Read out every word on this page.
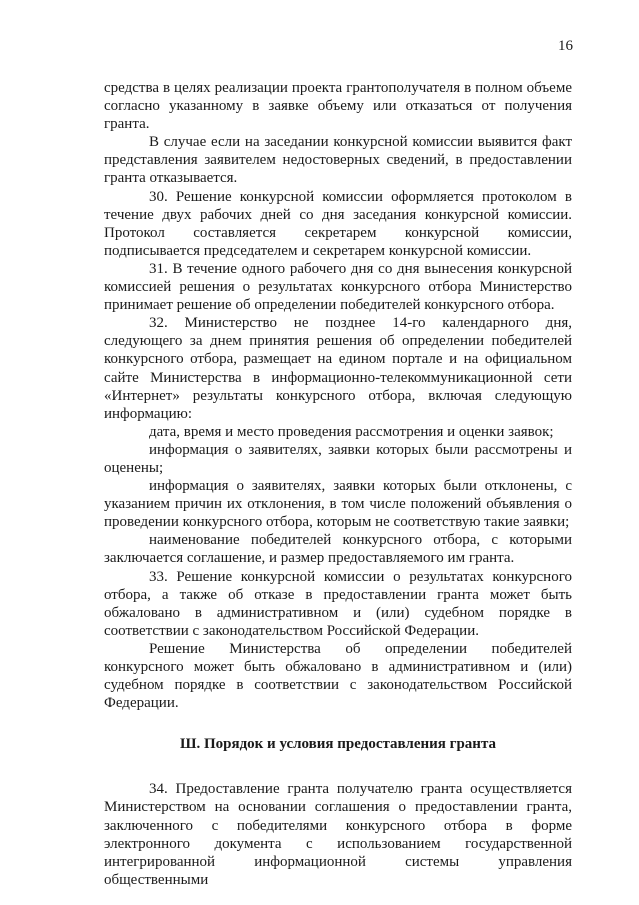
16

средства в целях реализации проекта грантополучателя в полном объеме согласно указанному в заявке объему или отказаться от получения гранта.

В случае если на заседании конкурсной комиссии выявится факт представления заявителем недостоверных сведений, в предоставлении гранта отказывается.

30. Решение конкурсной комиссии оформляется протоколом в течение двух рабочих дней со дня заседания конкурсной комиссии. Протокол составляется секретарем конкурсной комиссии, подписывается председателем и секретарем конкурсной комиссии.

31. В течение одного рабочего дня со дня вынесения конкурсной комиссией решения о результатах конкурсного отбора Министерство принимает решение об определении победителей конкурсного отбора.

32. Министерство не позднее 14-го календарного дня, следующего за днем принятия решения об определении победителей конкурсного отбора, размещает на едином портале и на официальном сайте Министерства в информационно-телекоммуникационной сети «Интернет» результаты конкурсного отбора, включая следующую информацию:

дата, время и место проведения рассмотрения и оценки заявок;

информация о заявителях, заявки которых были рассмотрены и оценены;

информация о заявителях, заявки которых были отклонены, с указанием причин их отклонения, в том числе положений объявления о проведении конкурсного отбора, которым не соответствую такие заявки;

наименование победителей конкурсного отбора, с которыми заключается соглашение, и размер предоставляемого им гранта.

33. Решение конкурсной комиссии о результатах конкурсного отбора, а также об отказе в предоставлении гранта может быть обжаловано в административном и (или) судебном порядке в соответствии с законодательством Российской Федерации.

Решение Министерства об определении победителей конкурсного может быть обжаловано в административном и (или) судебном порядке в соответствии с законодательством Российской Федерации.

Ш. Порядок и условия предоставления гранта

34. Предоставление гранта получателю гранта осуществляется Министерством на основании соглашения о предоставлении гранта, заключенного с победителями конкурсного отбора в форме электронного документа с использованием государственной интегрированной информационной системы управления общественными
